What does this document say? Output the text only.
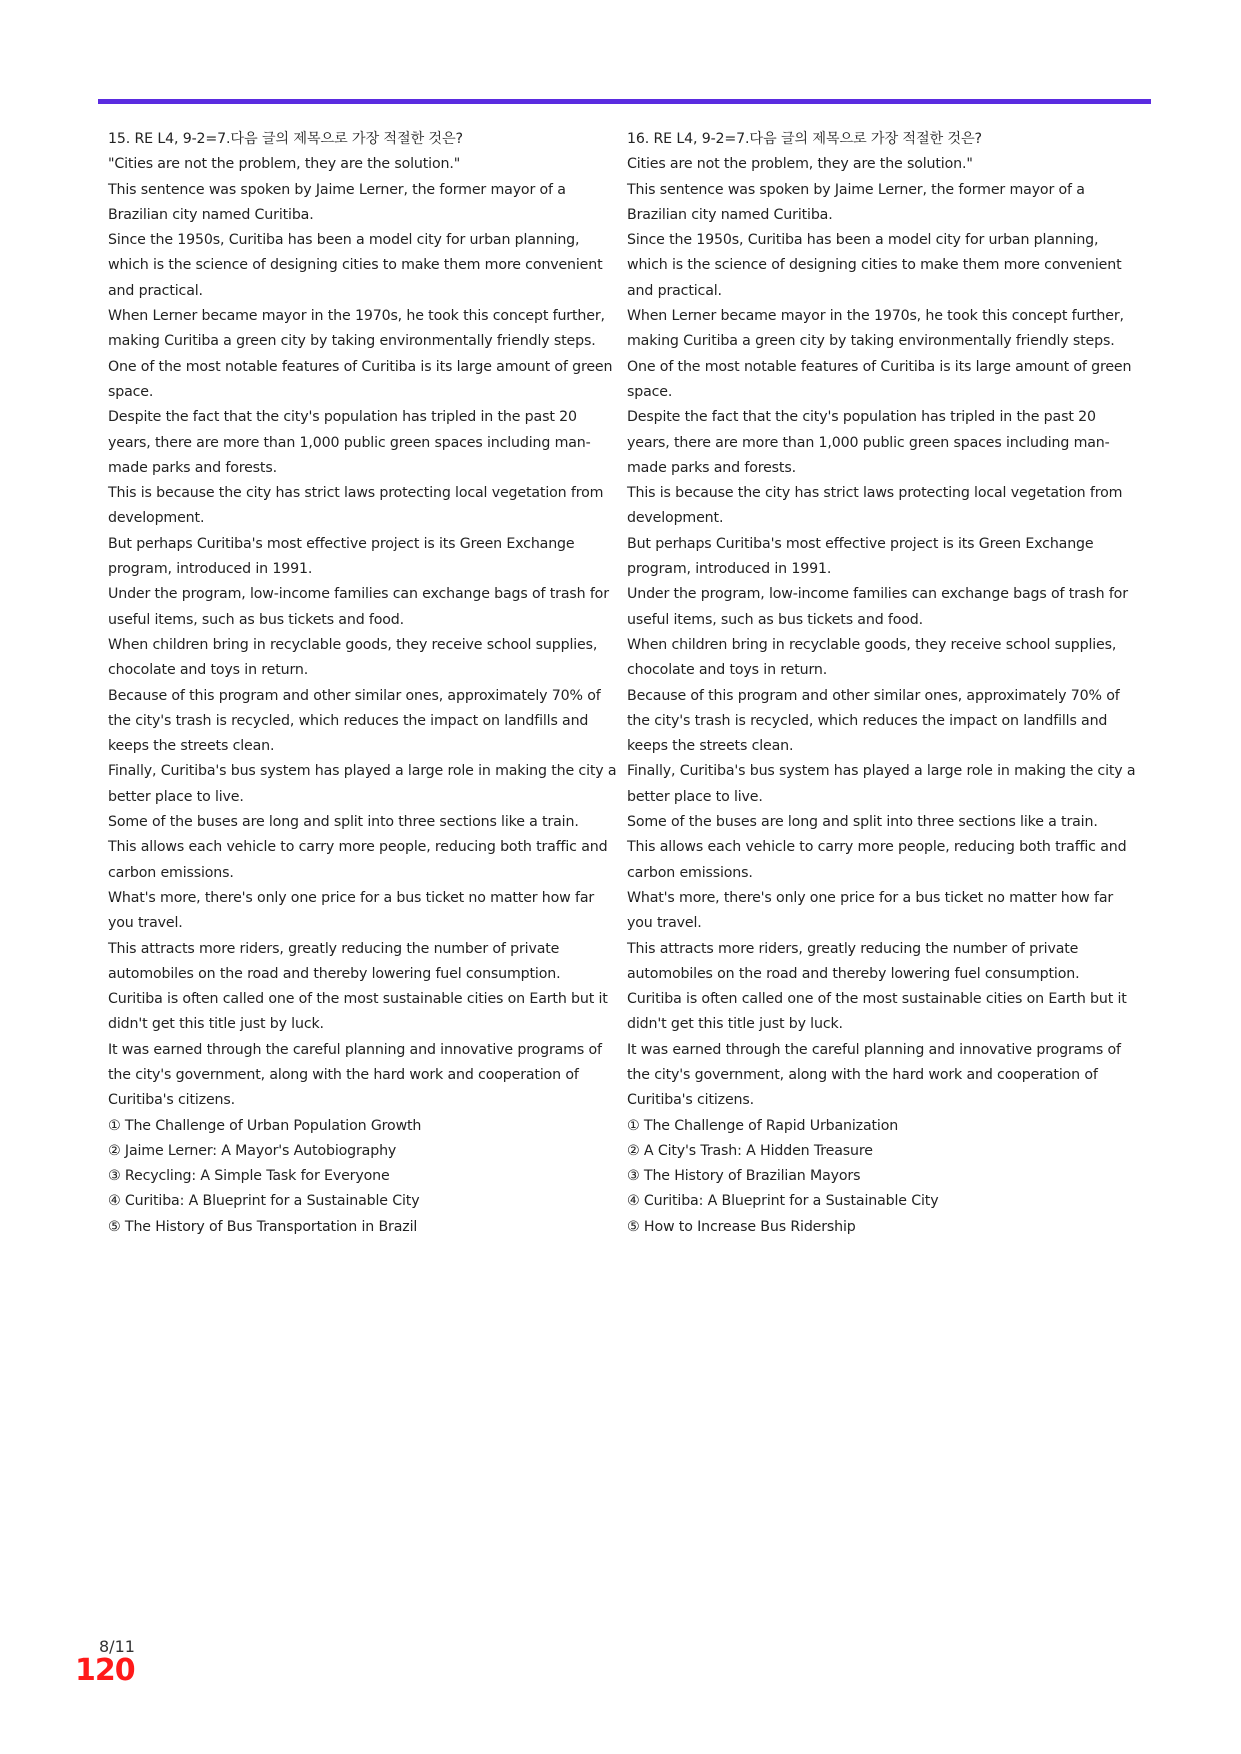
15. RE L4, 9-2=7.다음 글의 제목으로 가장 적절한 것은?

"Cities are not the problem, they are the solution."

This sentence was spoken by Jaime Lerner, the former mayor of a Brazilian city named Curitiba.

Since the 1950s, Curitiba has been a model city for urban planning, which is the science of designing cities to make them more convenient and practical.

When Lerner became mayor in the 1970s, he took this concept further, making Curitiba a green city by taking environmentally friendly steps.

One of the most notable features of Curitiba is its large amount of green space.

Despite the fact that the city's population has tripled in the past 20 years, there are more than 1,000 public green spaces including man-made parks and forests.

This is because the city has strict laws protecting local vegetation from development.

But perhaps Curitiba's most effective project is its Green Exchange program, introduced in 1991.

Under the program, low-income families can exchange bags of trash for useful items, such as bus tickets and food.

When children bring in recyclable goods, they receive school supplies, chocolate and toys in return.

Because of this program and other similar ones, approximately 70% of the city's trash is recycled, which reduces the impact on landfills and keeps the streets clean.

Finally, Curitiba's bus system has played a large role in making the city a better place to live.

Some of the buses are long and split into three sections like a train.

This allows each vehicle to carry more people, reducing both traffic and carbon emissions.

What's more, there's only one price for a bus ticket no matter how far you travel.

This attracts more riders, greatly reducing the number of private automobiles on the road and thereby lowering fuel consumption.

Curitiba is often called one of the most sustainable cities on Earth but it didn't get this title just by luck.

It was earned through the careful planning and innovative programs of the city's government, along with the hard work and cooperation of Curitiba's citizens.

① The Challenge of Urban Population Growth

② Jaime Lerner: A Mayor's Autobiography

③ Recycling: A Simple Task for Everyone

④ Curitiba: A Blueprint for a Sustainable City

⑤ The History of Bus Transportation in Brazil

16. RE L4, 9-2=7.다음 글의 제목으로 가장 적절한 것은?

Cities are not the problem, they are the solution."

This sentence was spoken by Jaime Lerner, the former mayor of a Brazilian city named Curitiba.

Since the 1950s, Curitiba has been a model city for urban planning, which is the science of designing cities to make them more convenient and practical.

When Lerner became mayor in the 1970s, he took this concept further, making Curitiba a green city by taking environmentally friendly steps.

One of the most notable features of Curitiba is its large amount of green space.

Despite the fact that the city's population has tripled in the past 20 years, there are more than 1,000 public green spaces including man-made parks and forests.

This is because the city has strict laws protecting local vegetation from development.

But perhaps Curitiba's most effective project is its Green Exchange program, introduced in 1991.

Under the program, low-income families can exchange bags of trash for useful items, such as bus tickets and food.

When children bring in recyclable goods, they receive school supplies, chocolate and toys in return.

Because of this program and other similar ones, approximately 70% of the city's trash is recycled, which reduces the impact on landfills and keeps the streets clean.

Finally, Curitiba's bus system has played a large role in making the city a better place to live.

Some of the buses are long and split into three sections like a train.

This allows each vehicle to carry more people, reducing both traffic and carbon emissions.

What's more, there's only one price for a bus ticket no matter how far you travel.

This attracts more riders, greatly reducing the number of private automobiles on the road and thereby lowering fuel consumption.

Curitiba is often called one of the most sustainable cities on Earth but it didn't get this title just by luck.

It was earned through the careful planning and innovative programs of the city's government, along with the hard work and cooperation of Curitiba's citizens.

① The Challenge of Rapid Urbanization

② A City's Trash: A Hidden Treasure

③ The History of Brazilian Mayors

④ Curitiba: A Blueprint for a Sustainable City

⑤ How to Increase Bus Ridership

8/11
120
